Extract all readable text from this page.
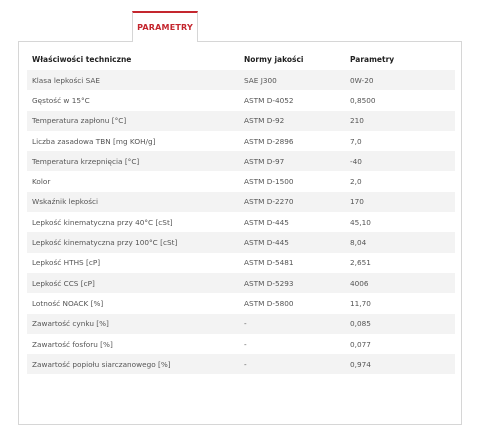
PARAMETRY
Właściwości techniczne	Normy jakości	Parametry
Klasa lepkości SAE	SAE J300	0W-20
Gęstość w 15°C	ASTM D-4052	0,8500
Temperatura zapłonu [°C]	ASTM D-92	210
Liczba zasadowa TBN [mg KOH/g]	ASTM D-2896	7,0
Temperatura krzepnięcia [°C]	ASTM D-97	-40
Kolor	ASTM D-1500	2,0
Wskaźnik lepkości	ASTM D-2270	170
Lepkość kinematyczna przy 40°C [cSt]	ASTM D-445	45,10
Lepkość kinematyczna przy 100°C [cSt]	ASTM D-445	8,04
Lepkość HTHS [cP]	ASTM D-5481	2,651
Lepkość CCS [cP]	ASTM D-5293	4006
Lotność NOACK [%]	ASTM D-5800	11,70
Zawartość cynku [%]	-	0,085
Zawartość fosforu [%]	-	0,077
Zawartość popiołu siarczanowego [%]	-	0,974
